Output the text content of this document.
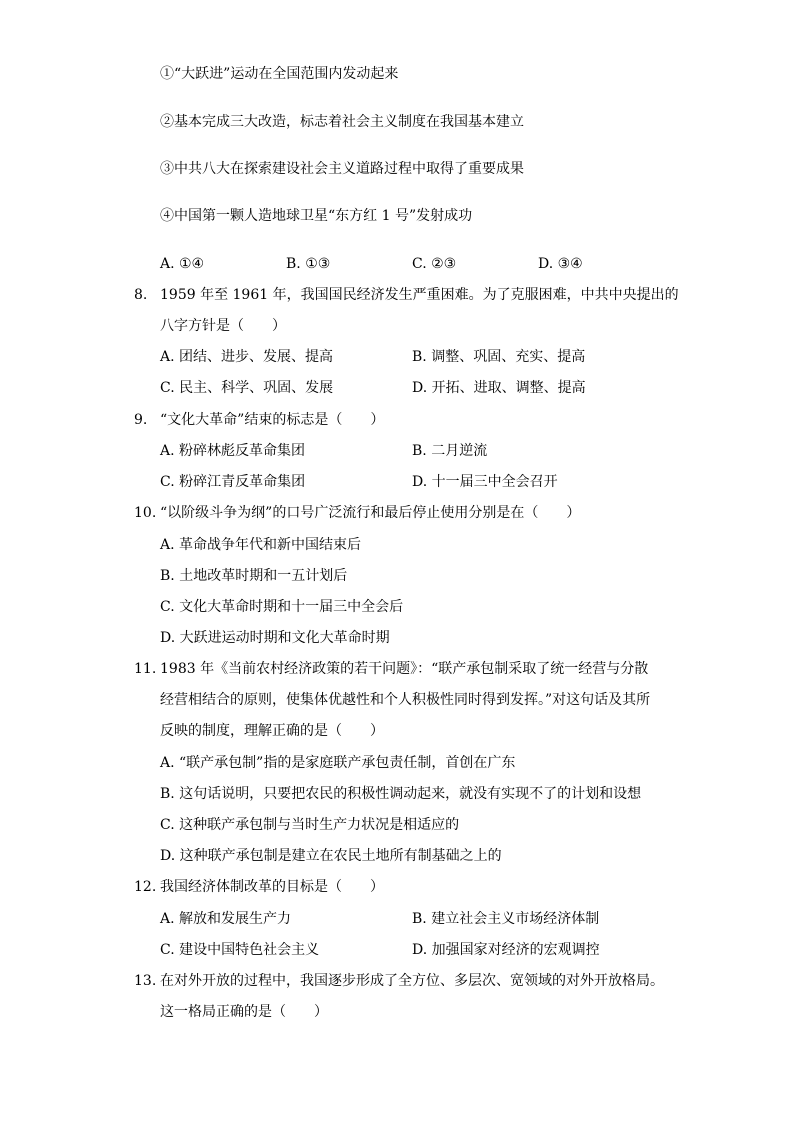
①“大跃进”运动在全国范围内发动起来
②基本完成三大改造，标志着社会主义制度在我国基本建立
③中共八大在探索建设社会主义道路过程中取得了重要成果
④中国第一颗人造地球卫星“东方红 1 号”发射成功
A. ①④	B. ①③	C. ②③	D. ③④
8. 1959 年至 1961 年，我国国民经济发生严重困难。为了克服困难，中共中央提出的
八字方针是（　　）
A. 团结、进步、发展、提高	B. 调整、巩固、充实、提高
C. 民主、科学、巩固、发展	D. 开拓、进取、调整、提高
9. “文化大革命”结束的标志是（　　）
A. 粉碎林彪反革命集团	B. 二月逆流
C. 粉碎江青反革命集团	D. 十一届三中全会召开
10. “以阶级斗争为纲”的口号广泛流行和最后停止使用分别是在（　　）
A. 革命战争年代和新中国结束后
B. 土地改革时期和一五计划后
C. 文化大革命时期和十一届三中全会后
D. 大跃进运动时期和文化大革命时期
11. 1983 年《当前农村经济政策的若干问题》：“联产承包制采取了统一经营与分散
经营相结合的原则，使集体优越性和个人积极性同时得到发挥。”对这句话及其所
反映的制度，理解正确的是（　　）
A. “联产承包制”指的是家庭联产承包责任制，首创在广东
B. 这句话说明，只要把农民的积极性调动起来，就没有实现不了的计划和设想
C. 这种联产承包制与当时生产力状况是相适应的
D. 这种联产承包制是建立在农民土地所有制基础之上的
12. 我国经济体制改革的目标是（　　）
A. 解放和发展生产力	B. 建立社会主义市场经济体制
C. 建设中国特色社会主义	D. 加强国家对经济的宏观调控
13. 在对外开放的过程中，我国逐步形成了全方位、多层次、宽领域的对外开放格局。
这一格局正确的是（　　）
